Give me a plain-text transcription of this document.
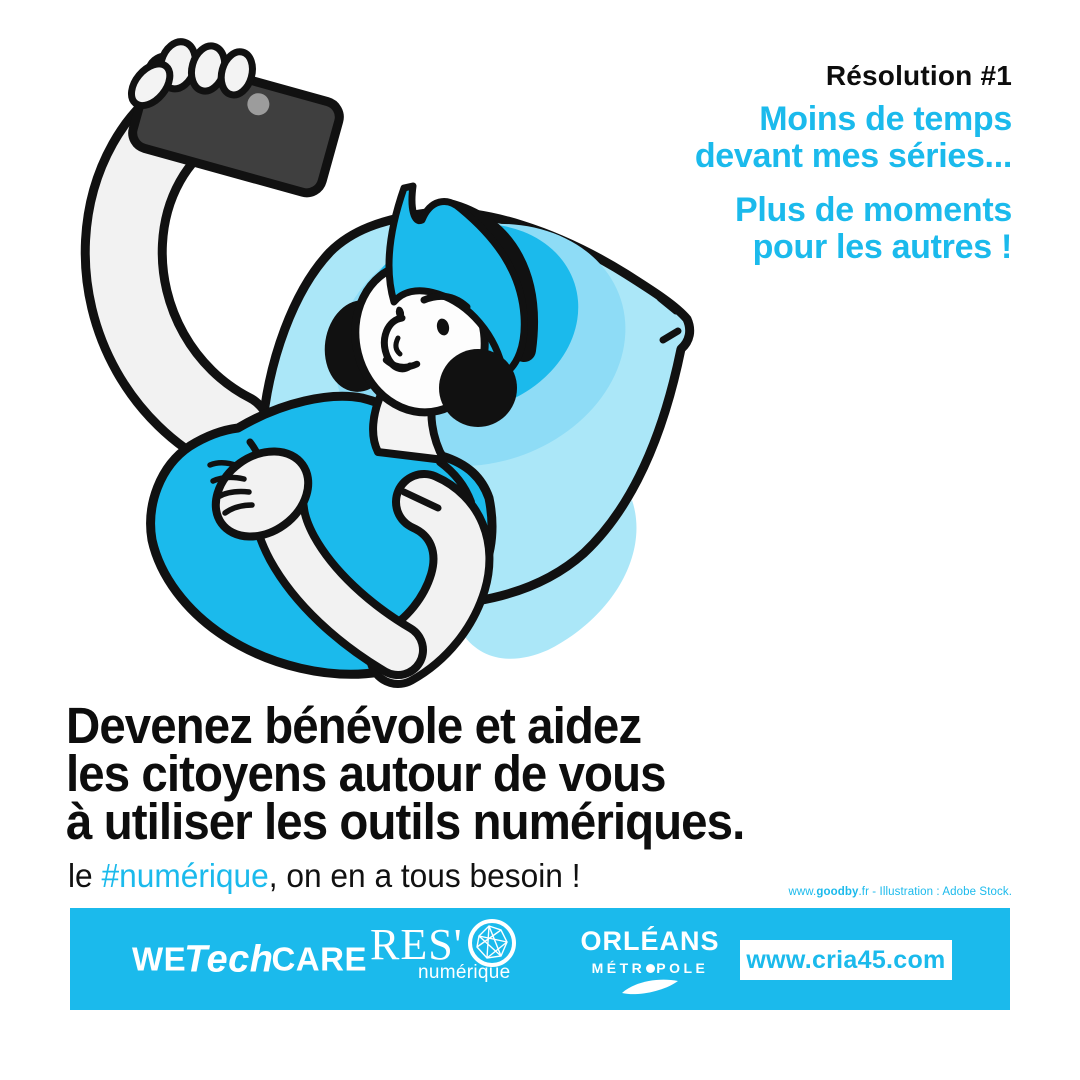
Résolution #1
Moins de temps
devant mes séries...
Plus de moments
pour les autres !
Devenez bénévole et aidez
les citoyens autour de vous
à utiliser les outils numériques.
le #numérique, on en a tous besoin !	www.goodby.fr - Illustration : Adobe Stock.
WETechCARE RES'
numérique
ORLÉANS
MÉTR POLE	www.cria45.com
